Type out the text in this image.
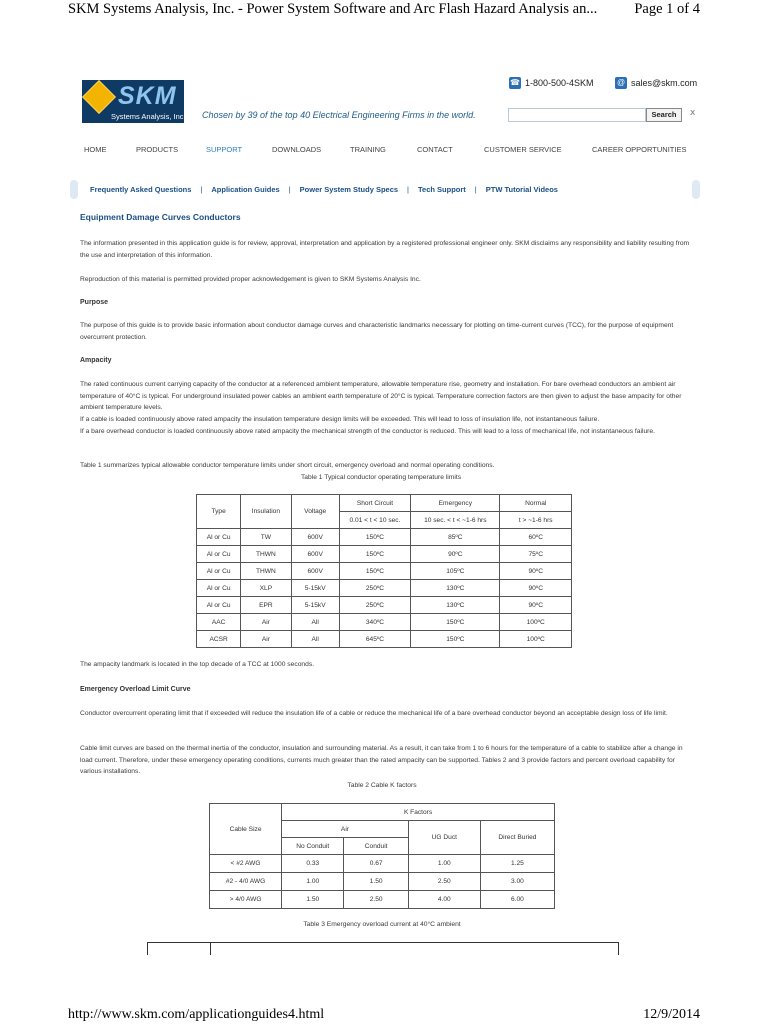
SKM Systems Analysis, Inc. - Power System Software and Arc Flash Hazard Analysis an...	Page 1 of 4
SKM
Systems Analysis, Inc Chosen by 39 of the top 40 Electrical Engineering Firms in the world.
☎ 1-800-500-4SKM	@ sales@skm.com
Search	x
HOME	PRODUCTS	SUPPORT	DOWNLOADS	TRAINING	CONTACT	CUSTOMER SERVICE	CAREER OPPORTUNITIES
Frequently Asked Questions | Application Guides | Power System Study Specs | Tech Support | PTW Tutorial Videos
Equipment Damage Curves Conductors
The information presented in this application guide is for review, approval, interpretation and application by a registered professional engineer only. SKM disclaims any responsibility and liability resulting from the use and interpretation of this information.
Reproduction of this material is permitted provided proper acknowledgement is given to SKM Systems Analysis Inc.
Purpose
The purpose of this guide is to provide basic information about conductor damage curves and characteristic landmarks necessary for plotting on time-current curves (TCC), for the purpose of equipment overcurrent protection.
Ampacity
The rated continuous current carrying capacity of the conductor at a referenced ambient temperature, allowable temperature rise, geometry and installation. For bare overhead conductors an ambient air temperature of 40°C is typical. For underground insulated power cables an ambient earth temperature of 20°C is typical. Temperature correction factors are then given to adjust the base ampacity for other ambient temperature levels.
If a cable is loaded continuously above rated ampacity the insulation temperature design limits will be exceeded. This will lead to loss of insulation life, not instantaneous failure.
If a bare overhead conductor is loaded continuously above rated ampacity the mechanical strength of the conductor is reduced. This will lead to a loss of mechanical life, not instantaneous failure.
Table 1 summarizes typical allowable conductor temperature limits under short circuit, emergency overload and normal operating conditions.
The ampacity landmark is located in the top decade of a TCC at 1000 seconds.
Emergency Overload Limit Curve
Conductor overcurrent operating limit that if exceeded will reduce the insulation life of a cable or reduce the mechanical life of a bare overhead conductor beyond an acceptable design loss of life limit.
Cable limit curves are based on the thermal inertia of the conductor, insulation and surrounding material. As a result, it can take from 1 to 6 hours for the temperature of a cable to stabilize after a change in load current. Therefore, under these emergency operating conditions, currents much greater than the rated ampacity can be supported. Tables 2 and 3 provide factors and percent overload capability for various installations.
Table 1 Typical conductor operating temperature limits
Type	Insulation	Voltage	Short Circuit	Emergency	Normal
			0.01 < t < 10 sec.	10 sec. < t < ~1-6 hrs	t > ~1-6 hrs
Al or Cu	TW	600V	150ºC	85ºC	60ºC
Al or Cu	THWN	600V	150ºC	90ºC	75ºC
Al or Cu	THWN	600V	150ºC	105ºC	90ºC
Al or Cu	XLP	5-15kV	250ºC	130ºC	90ºC
Al or Cu	EPR	5-15kV	250ºC	130ºC	90ºC
AAC	Air	All	340ºC	150ºC	100ºC
ACSR	Air	All	645ºC	150ºC	100ºC
Table 2 Cable K factors
Cable Size	K Factors			
	Air		UG Duct	Direct Buried
	No Conduit	Conduit		
< #2 AWG	0.33	0.67	1.00	1.25
#2 - 4/0 AWG	1.00	1.50	2.50	3.00
> 4/0 AWG	1.50	2.50	4.00	6.00
Table 3 Emergency overload current at 40°C ambient
http://www.skm.com/applicationguides4.html	12/9/2014
